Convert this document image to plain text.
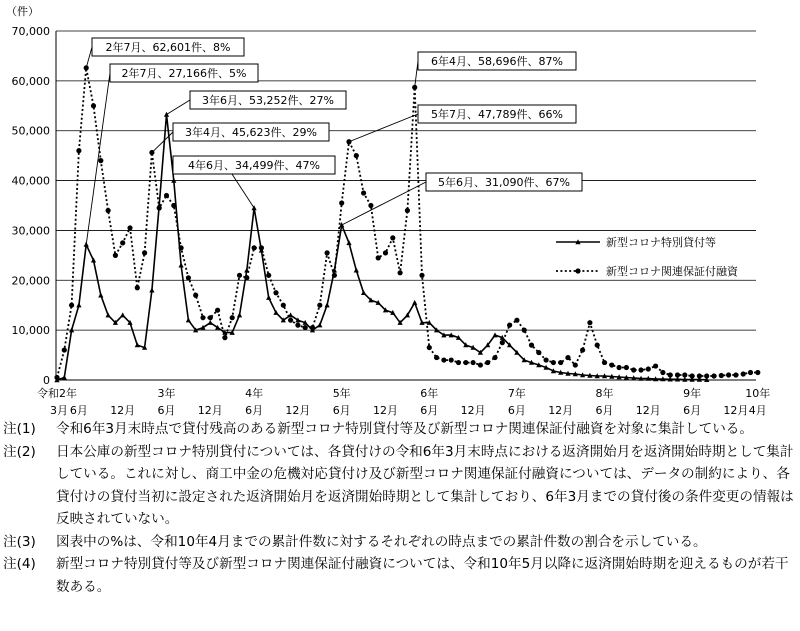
（件）
0
10,000
20,000
30,000
40,000
50,000
60,000
70,000
令和2年	3年	4年	5年	6年	7年	8年	9年	10年
3月 6月 12月 6月 12月 6月 12月 6月 12月 6月 12月 6月 12月 6月 12月 6月 12月 4月
2年7月、62,601件、8%
2年7月、27,166件、5%
3年6月、53,252件、27%
3年4月、45,623件、29%
4年6月、34,499件、47%
6年4月、58,696件、87%
5年7月、47,789件、66%
5年6月、31,090件、67%
新型コロナ特別貸付等
新型コロナ関連保証付融資

注(1)	令和6年3月末時点で貸付残高のある新型コロナ特別貸付等及び新型コロナ関連保証付融資を対象に集計している。

注(2)	日本公庫の新型コロナ特別貸付については、各貸付けの令和6年3月末時点における返済開始月を返済開始時期として集計している。これに対し、商工中金の危機対応貸付け及び新型コロナ関連保証付融資については、データの制約により、各貸付けの貸付当初に設定された返済開始月を返済開始時期として集計しており、6年3月までの貸付後の条件変更の情報は反映されていない。

注(3)	図表中の%は、令和10年4月までの累計件数に対するそれぞれの時点までの累計件数の割合を示している。

注(4)	新型コロナ特別貸付等及び新型コロナ関連保証付融資については、令和10年5月以降に返済開始時期を迎えるものが若干数ある。
